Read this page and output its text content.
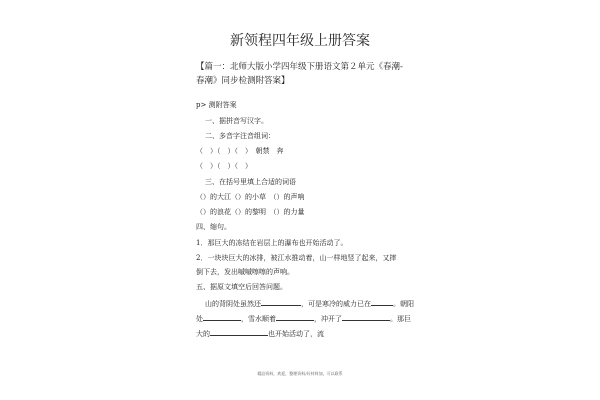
新领程四年级上册答案
【篇一：北师大版小学四年级下册语文第２单元《春潮-春潮》同步检测附答案】
p> 测附答案
一、据拼音写汉字。
二、多音字注音组词：
（　）（　）（　）　朝禁　奔
（　）（　）（　）
三、在括号里填上合适的词语
（）的大江（）的小草　（）的声响
（）的浪花（）的黎明　（）的力量
四、缩句。
1．那巨大的冻结在岩层上的瀑布也开始活动了。
2．一块块巨大的冰排，被江水推动着，山一样地竖了起来，又摔
倒下去，发出嘁嘁嚓嚓的声响。
五、据原文填空后回答问题。
山的背阴处虽然还	，可是寒冷的威力已在	。朝阳
处	，雪水顺着	，冲开了	。那巨
大的	也开始活动了，流
精品资料，欢迎，整理资料/好材料加，可以联系
